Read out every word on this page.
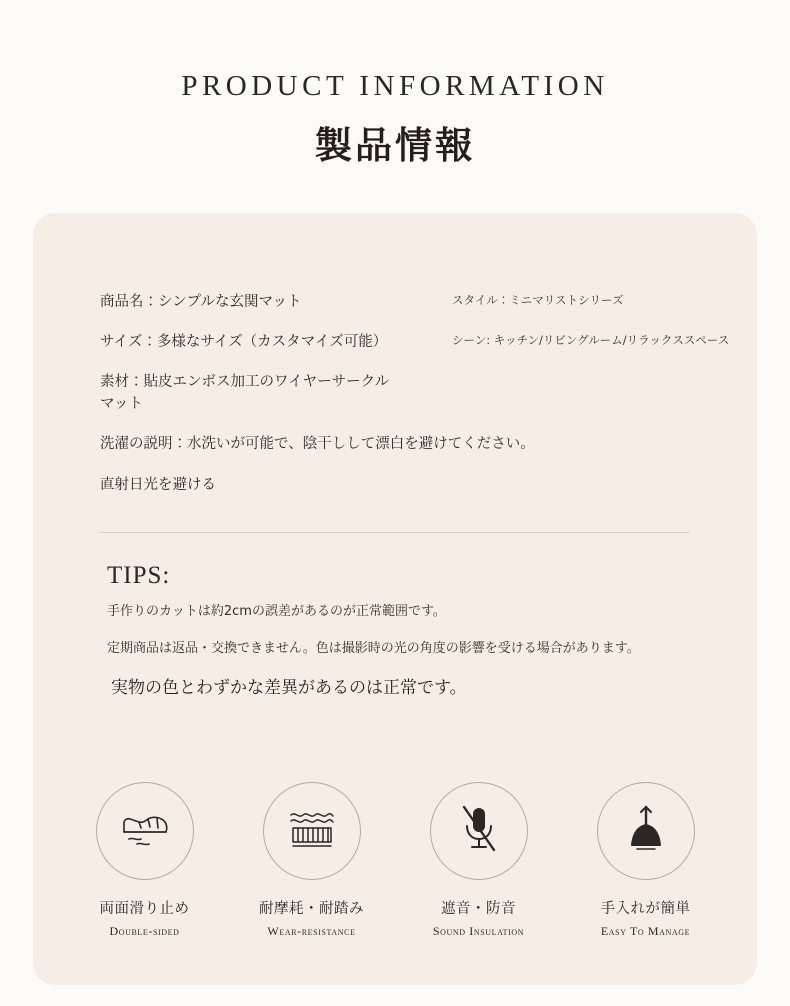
PRODUCT INFORMATION
製品情報
商品名：シンプルな玄関マット	スタイル：ミニマリストシリーズ
サイズ：多様なサイズ（カスタマイズ可能）	シーン: キッチン/リビングルーム/リラックススペース
素材：貼皮エンボス加工のワイヤーサークルマット
洗濯の説明：水洗いが可能で、陰干しして漂白を避けてください。
直射日光を避ける
TIPS:
手作りのカットは約2cmの誤差があるのが正常範囲です。
定期商品は返品・交換できません。色は撮影時の光の角度の影響を受ける場合があります。
実物の色とわずかな差異があるのは正常です。
両面滑り止め
Double-sided
耐摩耗・耐踏み
Wear-resistance
遮音・防音
Sound Insulation
手入れが簡単
Easy To Manage
